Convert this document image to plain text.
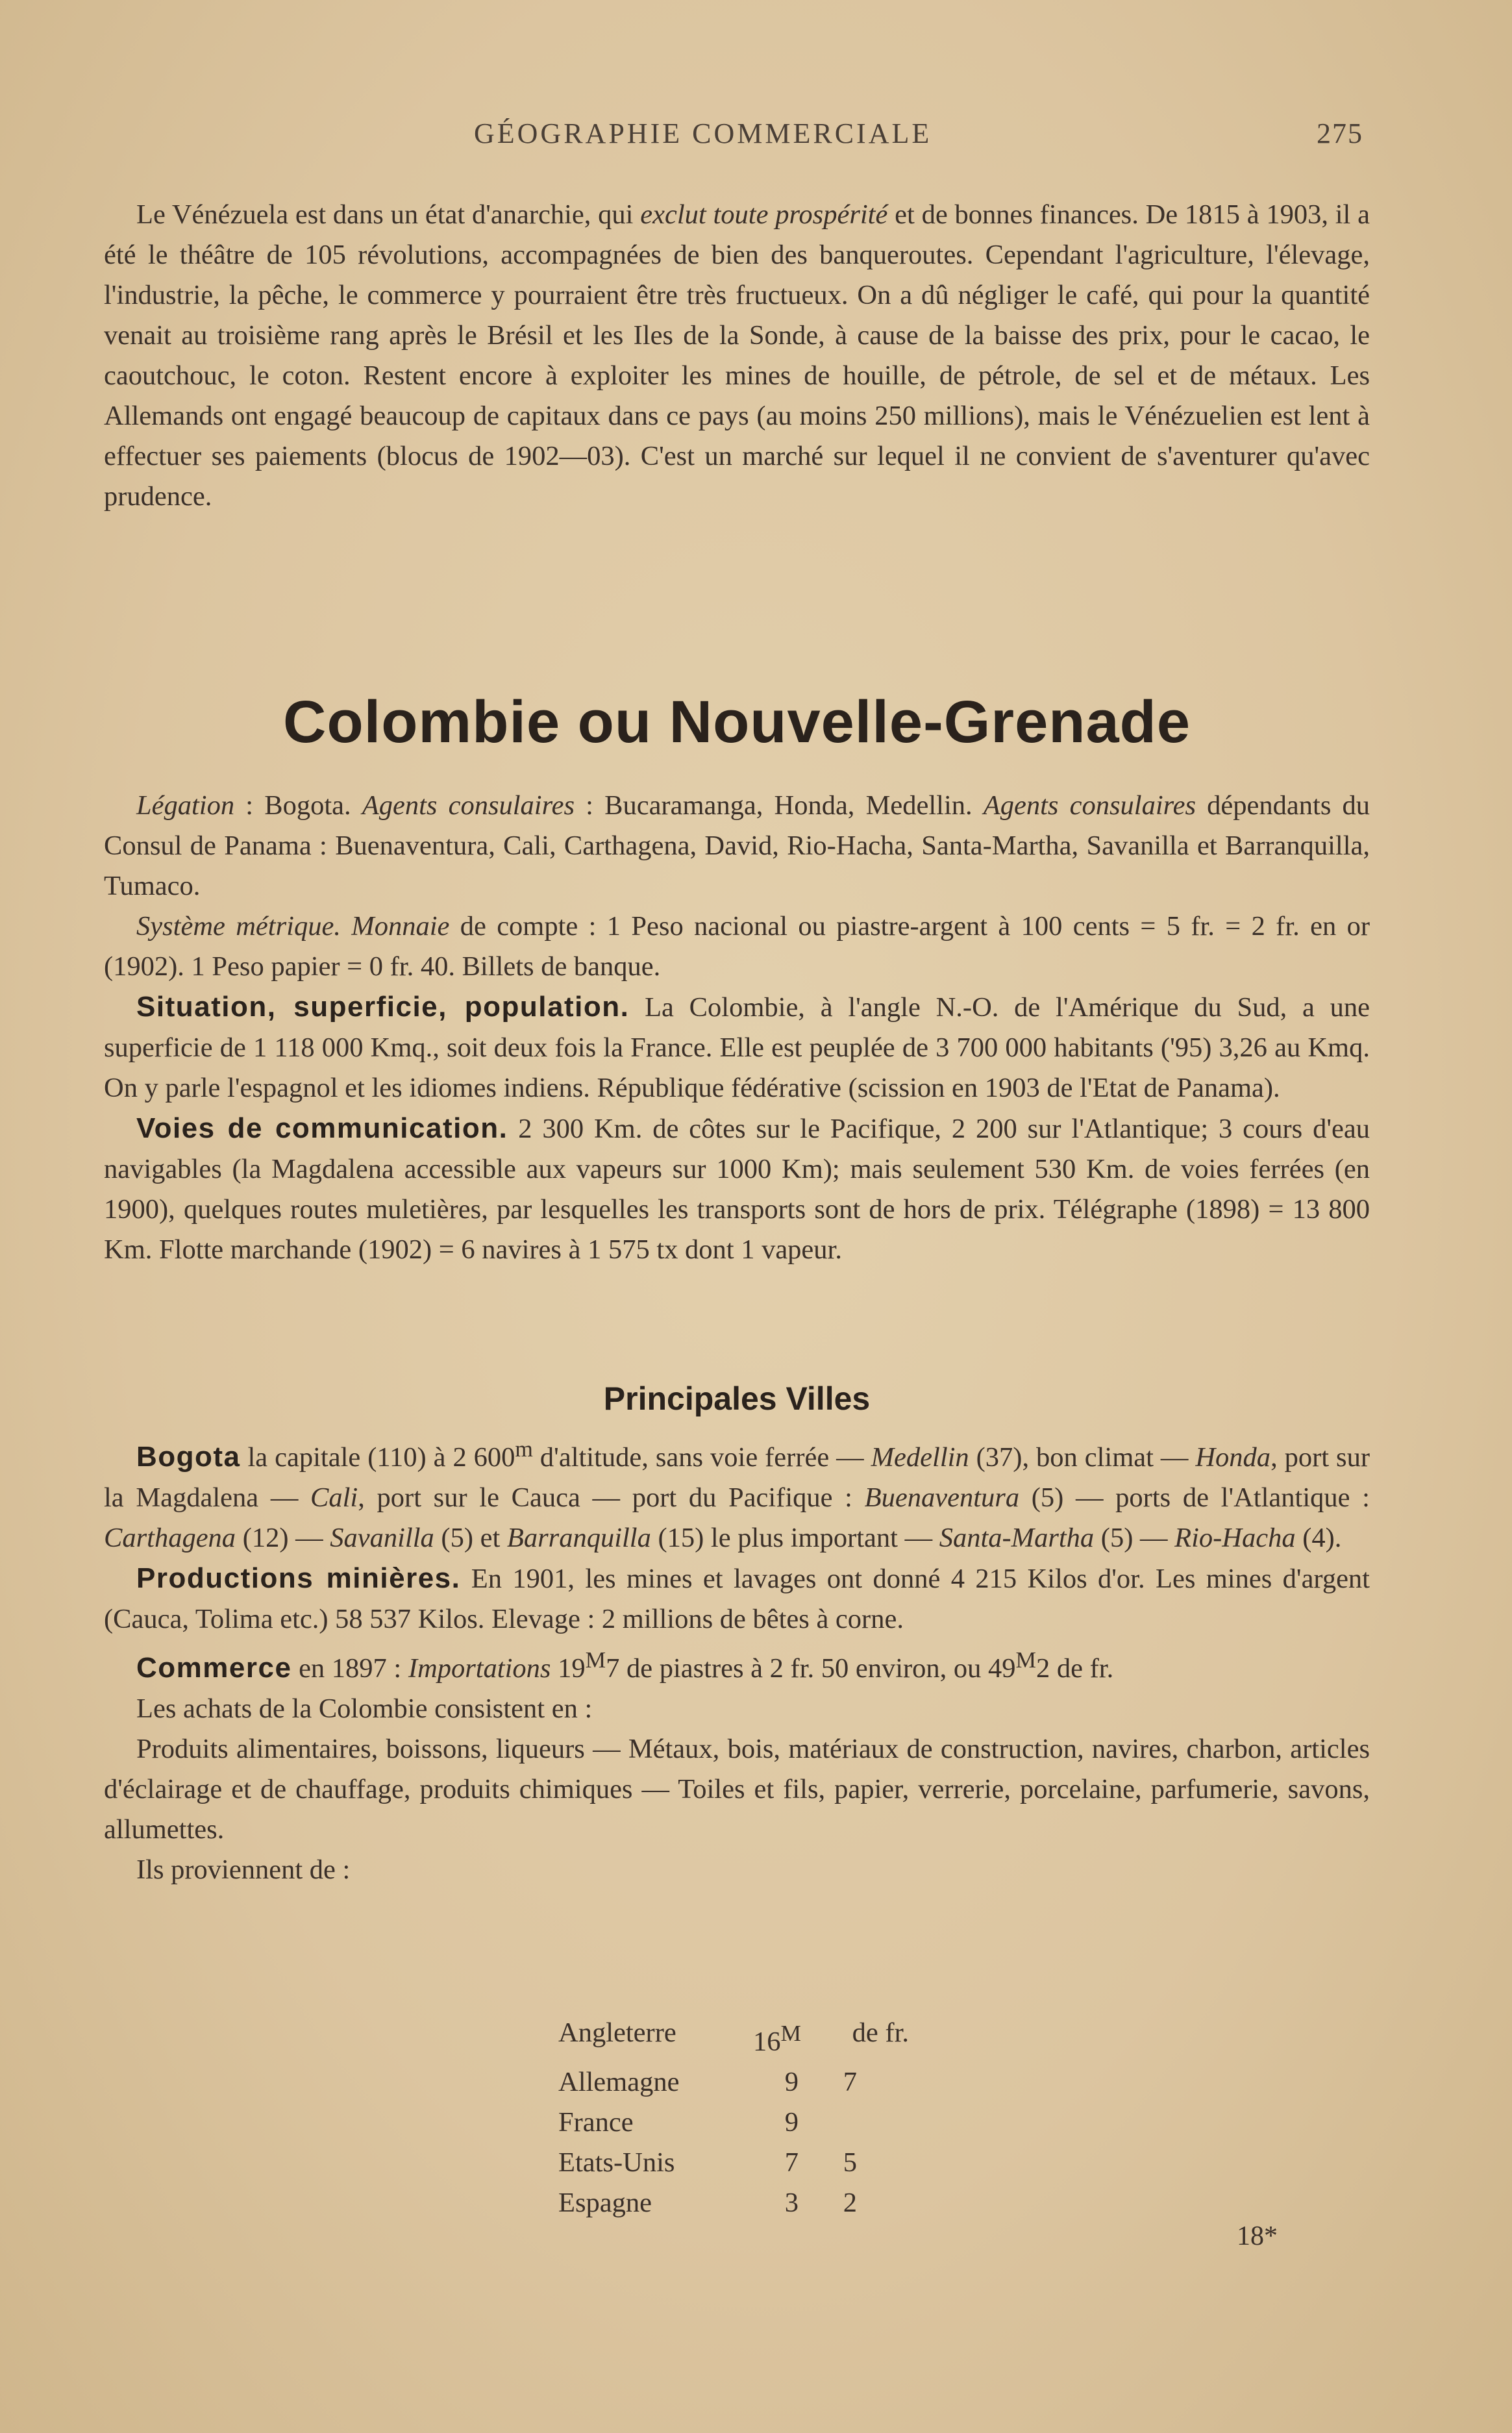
GÉOGRAPHIE COMMERCIALE	275

Le Vénézuela est dans un état d'anarchie, qui exclut toute prospérité et de bonnes finances. De 1815 à 1903, il a été le théâtre de 105 révolutions, accompagnées de bien des banqueroutes. Cependant l'agriculture, l'élevage, l'industrie, la pêche, le commerce y pourraient être très fructueux. On a dû négliger le café, qui pour la quantité venait au troisième rang après le Brésil et les Iles de la Sonde, à cause de la baisse des prix, pour le cacao, le caoutchouc, le coton. Restent encore à exploiter les mines de houille, de pétrole, de sel et de métaux. Les Allemands ont engagé beaucoup de capitaux dans ce pays (au moins 250 millions), mais le Vénézuelien est lent à effectuer ses paiements (blocus de 1902—03). C'est un marché sur lequel il ne convient de s'aventurer qu'avec prudence.

Colombie ou Nouvelle-Grenade

Légation : Bogota. Agents consulaires : Bucaramanga, Honda, Medellin. Agents consulaires dépendants du Consul de Panama : Buenaventura, Cali, Carthagena, David, Rio-Hacha, Santa-Martha, Savanilla et Barranquilla, Tumaco.

Système métrique. Monnaie de compte : 1 Peso nacional ou piastre-argent à 100 cents = 5 fr. = 2 fr. en or (1902). 1 Peso papier = 0 fr. 40. Billets de banque.

Situation, superficie, population. La Colombie, à l'angle N.-O. de l'Amérique du Sud, a une superficie de 1 118 000 Kmq., soit deux fois la France. Elle est peuplée de 3 700 000 habitants ('95) 3,26 au Kmq. On y parle l'espagnol et les idiomes indiens. République fédérative (scission en 1903 de l'Etat de Panama).

Voies de communication. 2 300 Km. de côtes sur le Pacifique, 2 200 sur l'Atlantique; 3 cours d'eau navigables (la Magdalena accessible aux vapeurs sur 1000 Km); mais seulement 530 Km. de voies ferrées (en 1900), quelques routes muletières, par lesquelles les transports sont de hors de prix. Télégraphe (1898) = 13 800 Km. Flotte marchande (1902) = 6 navires à 1 575 tx dont 1 vapeur.

Principales Villes

Bogota la capitale (110) à 2 600$^m$ d'altitude, sans voie ferrée — Medellin (37), bon climat — Honda, port sur la Magdalena — Cali, port sur le Cauca — port du Pacifique : Buenaventura (5) — ports de l'Atlantique : Carthagena (12) — Savanilla (5) et Barranquilla (15) le plus important — Santa-Martha (5) — Rio-Hacha (4).

Productions minières. En 1901, les mines et lavages ont donné 4 215 Kilos d'or. Les mines d'argent (Cauca, Tolima etc.) 58 537 Kilos. Elevage : 2 millions de bêtes à corne.

Commerce en 1897 : Importations $19^M7$ de piastres à 2 fr. 50 environ, ou $49^M2$ de fr.

Les achats de la Colombie consistent en :

Produits alimentaires, boissons, liqueurs — Métaux, bois, matériaux de construction, navires, charbon, articles d'éclairage et de chauffage, produits chimiques — Toiles et fils, papier, verrerie, porcelaine, parfumerie, savons, allumettes.

Ils proviennent de :

Angleterre	$16^M$	de fr.
Allemagne	9	7
France	9
Etats-Unis	7	5
Espagne	3	2
18*
